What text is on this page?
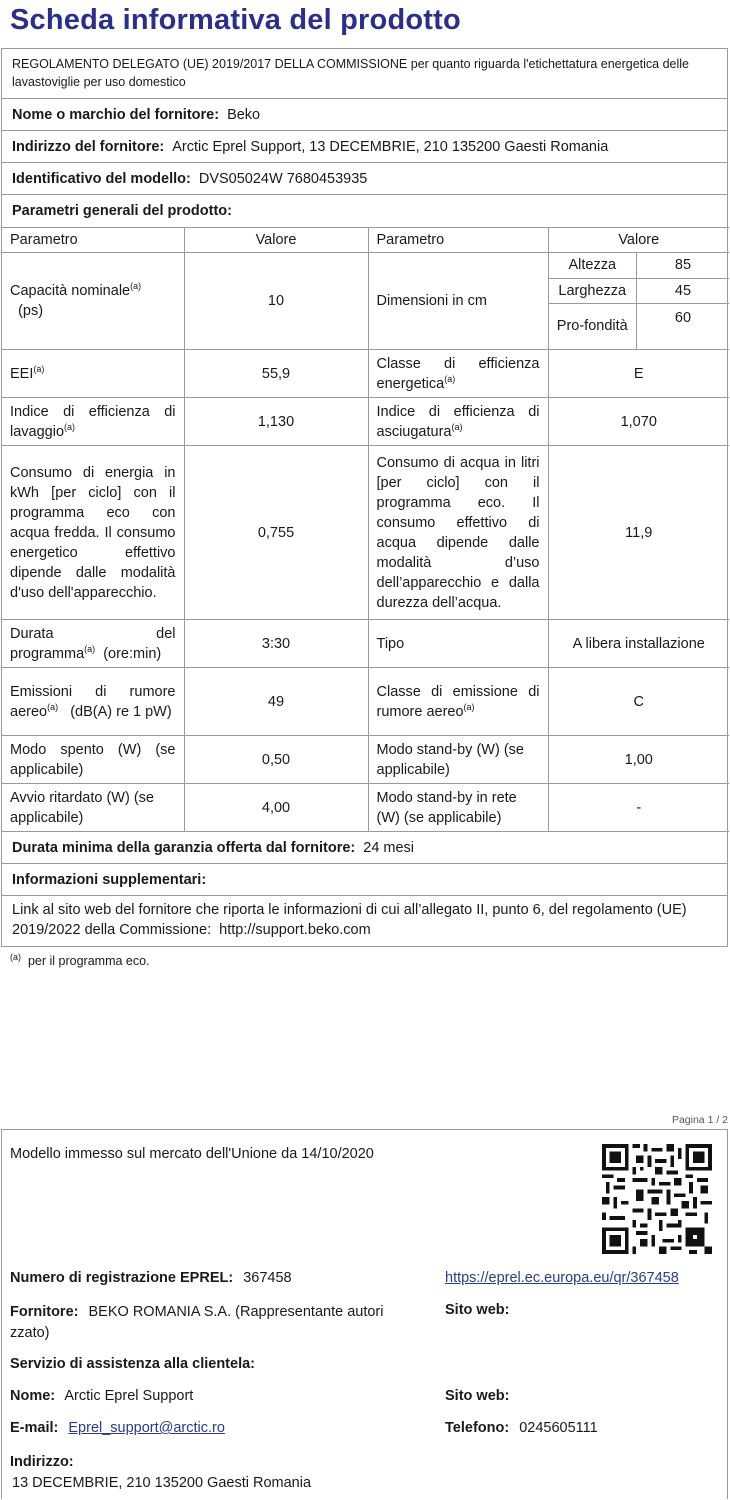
Scheda informativa del prodotto
REGOLAMENTO DELEGATO (UE) 2019/2017 DELLA COMMISSIONE per quanto riguarda l'etichettatura energetica delle lavastoviglie per uso domestico
Nome o marchio del fornitore: Beko
Indirizzo del fornitore: Arctic Eprel Support, 13 DECEMBRIE, 210 135200 Gaesti Romania
Identificativo del modello: DVS05024W 7680453935
Parametri generali del prodotto:
Parametro	Valore	Parametro	Valore
Capacità nominale$^{(a)}$
(ps)	10	Dimensioni in cm	
Altezza	85
Larghezza	45
Pro-fondità	60

EEI$^{(a)}$	55,9	Classe di efficienza energetica$^{(a)}$	E
Indice di efficienza di lavaggio$^{(a)}$	1,130	Indice di efficienza di asciugatura$^{(a)}$	1,070
Consumo di energia in kWh [per ciclo] con il programma eco con acqua fredda. Il consumo energetico effettivo dipende dalle modalità d'uso dell'apparecchio.	0,755	Consumo di acqua in litri [per ciclo] con il programma eco. Il consumo effettivo di acqua dipende dalle modalità d’uso dell’apparecchio e dalla durezza dell’acqua.	11,9
Durata del programma$^{(a)}$ (ore:min)	3:30	Tipo	A libera installazione
Emissioni di rumore aereo$^{(a)}$ (dB(A) re 1 pW)	49	Classe di emissione di rumore aereo$^{(a)}$	C
Modo spento (W) (se applicabile)	0,50	Modo stand-by (W) (se applicabile)	1,00
Avvio ritardato (W) (se applicabile)	4,00	Modo stand-by in rete (W) (se applicabile)	-
Durata minima della garanzia offerta dal fornitore: 24 mesi
Informazioni supplementari:
Link al sito web del fornitore che riporta le informazioni di cui all’allegato II, punto 6, del regolamento (UE) 2019/2022 della Commissione: http://support.beko.com
$^{(a)}$ per il programma eco.
Pagina 1 / 2
Modello immesso sul mercato dell'Unione da 14/10/2020
Numero di registrazione EPREL: 367458	https://eprel.ec.europa.eu/qr/367458
Fornitore: BEKO ROMANIA S.A. (Rappresentante autori zzato)
Sito web:
Servizio di assistenza alla clientela:
Nome: Arctic Eprel Support	Sito web:
E-mail: Eprel_support@arctic.ro	Telefono: 0245605111
Indirizzo:
13 DECEMBRIE, 210 135200 Gaesti Romania
